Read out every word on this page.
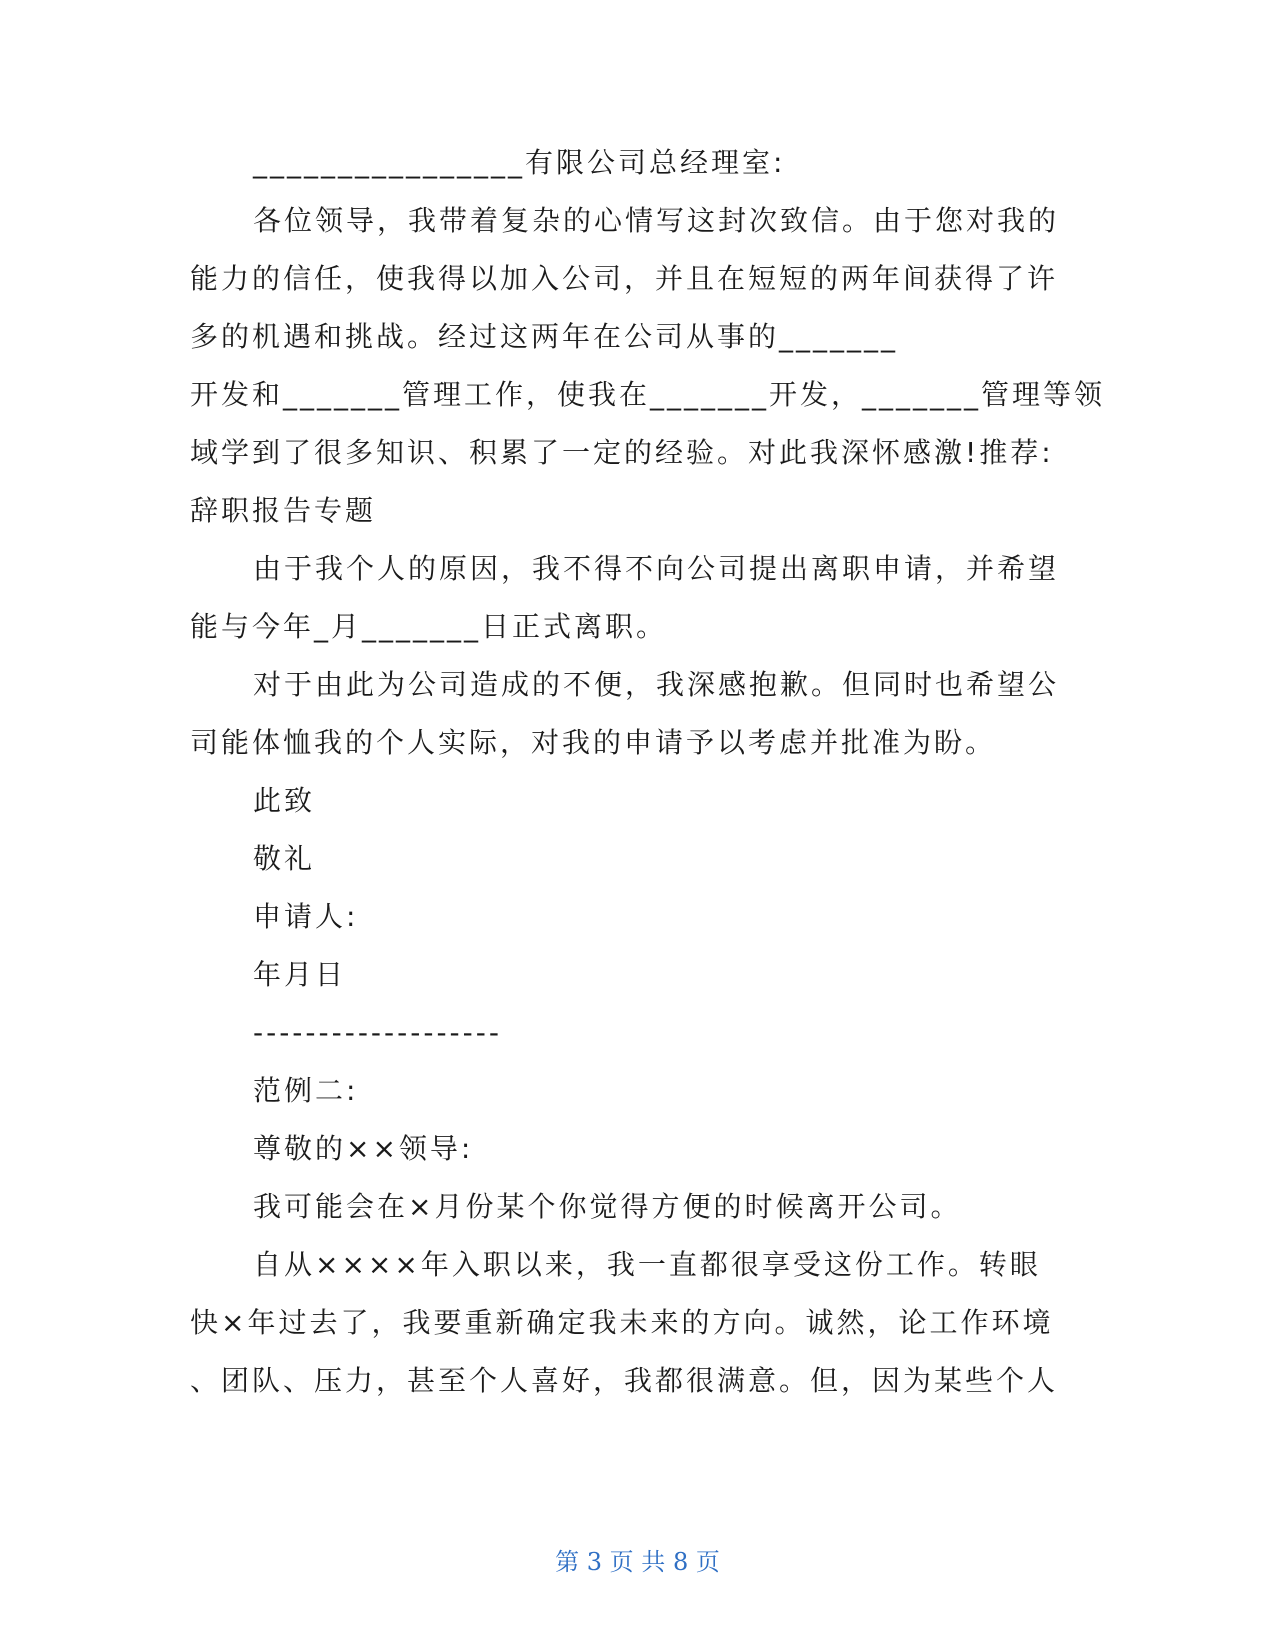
________________有限公司总经理室:

各位领导，我带着复杂的心情写这封次致信。由于您对我的

能力的信任，使我得以加入公司，并且在短短的两年间获得了许

多的机遇和挑战。经过这两年在公司从事的_______

开发和_______管理工作，使我在_______开发，_______管理等领

域学到了很多知识、积累了一定的经验。对此我深怀感激!推荐:

辞职报告专题

由于我个人的原因，我不得不向公司提出离职申请，并希望

能与今年_月_______日正式离职。

对于由此为公司造成的不便，我深感抱歉。但同时也希望公

司能体恤我的个人实际，对我的申请予以考虑并批准为盼。

此致

敬礼

申请人:

年月日

-------------------

范例二:

尊敬的××领导:

我可能会在×月份某个你觉得方便的时候离开公司。

自从××××年入职以来，我一直都很享受这份工作。转眼

快×年过去了，我要重新确定我未来的方向。诚然，论工作环境

、团队、压力，甚至个人喜好，我都很满意。但，因为某些个人

第 3 页 共 8 页
